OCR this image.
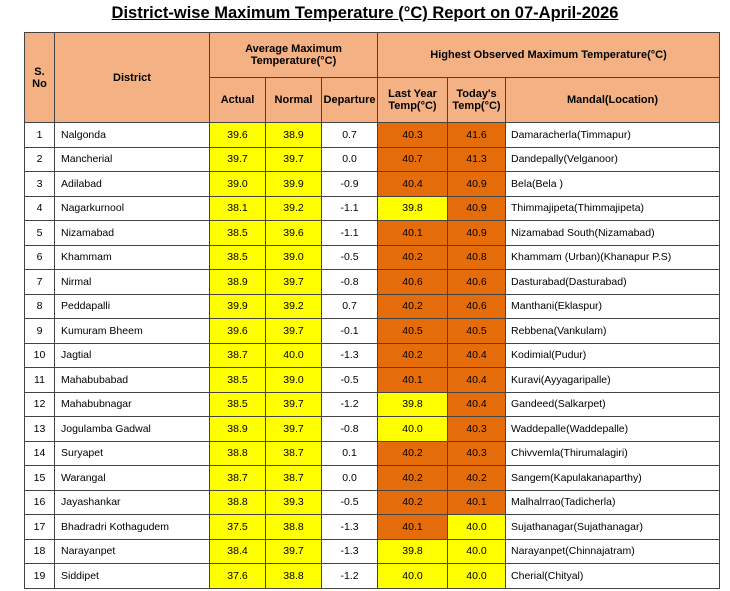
District-wise Maximum Temperature (°C) Report on 07-April-2026
S.
No	District	Average Maximum Temperature(°C)			Highest Observed Maximum Temperature(°C)		
		Actual	Normal	Departure	Last Year Temp(°C)	Today's Temp(°C)	Mandal(Location)
1	Nalgonda	39.6	38.9	0.7	40.3	41.6	Damaracherla(Timmapur)
2	Mancherial	39.7	39.7	0.0	40.7	41.3	Dandepally(Velganoor)
3	Adilabad	39.0	39.9	-0.9	40.4	40.9	Bela(Bela )
4	Nagarkurnool	38.1	39.2	-1.1	39.8	40.9	Thimmajipeta(Thimmajipeta)
5	Nizamabad	38.5	39.6	-1.1	40.1	40.9	Nizamabad South(Nizamabad)
6	Khammam	38.5	39.0	-0.5	40.2	40.8	Khammam (Urban)(Khanapur P.S)
7	Nirmal	38.9	39.7	-0.8	40.6	40.6	Dasturabad(Dasturabad)
8	Peddapalli	39.9	39.2	0.7	40.2	40.6	Manthani(Eklaspur)
9	Kumuram Bheem	39.6	39.7	-0.1	40.5	40.5	Rebbena(Vankulam)
10	Jagtial	38.7	40.0	-1.3	40.2	40.4	Kodimial(Pudur)
11	Mahabubabad	38.5	39.0	-0.5	40.1	40.4	Kuravi(Ayyagaripalle)
12	Mahabubnagar	38.5	39.7	-1.2	39.8	40.4	Gandeed(Salkarpet)
13	Jogulamba Gadwal	38.9	39.7	-0.8	40.0	40.3	Waddepalle(Waddepalle)
14	Suryapet	38.8	38.7	0.1	40.2	40.3	Chivvemla(Thirumalagiri)
15	Warangal	38.7	38.7	0.0	40.2	40.2	Sangem(Kapulakanaparthy)
16	Jayashankar	38.8	39.3	-0.5	40.2	40.1	Malhalrrao(Tadicherla)
17	Bhadradri Kothagudem	37.5	38.8	-1.3	40.1	40.0	Sujathanagar(Sujathanagar)
18	Narayanpet	38.4	39.7	-1.3	39.8	40.0	Narayanpet(Chinnajatram)
19	Siddipet	37.6	38.8	-1.2	40.0	40.0	Cherial(Chityal)
